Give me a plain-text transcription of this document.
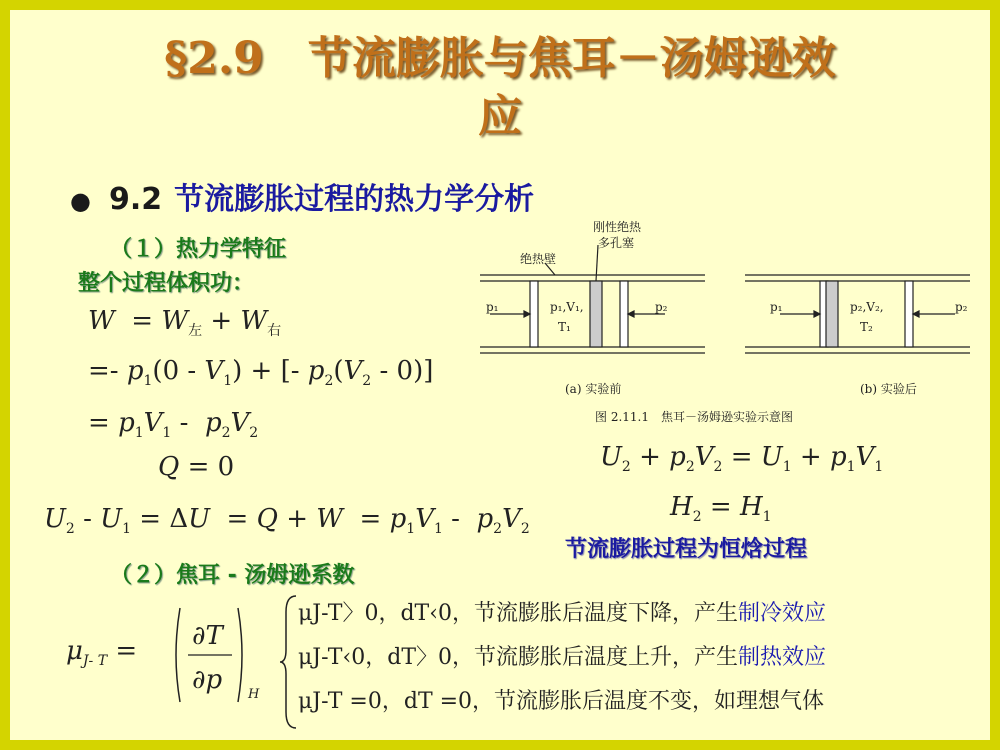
§2.9　节流膨胀与焦耳－汤姆逊效
应
● 9.2 节流膨胀过程的热力学分析
（１）热力学特征
整个过程体积功：
$W = W_左 + W_右$
=- $p_1(0 - V_1)$ + [- $p_2(V_2 - 0)$]
= $p_1V_1 - p_2V_2$
Q = 0
$U_2 - U_1 = \Delta U = Q + W = p_1V_1 - p_2V_2$
刚性绝热
多孔塞
绝热壁
p₁	p₁,V₁,
T₁
p₂	p₁	p₂,V₂,
T₂
p₂
(a) 实验前	(b) 实验后
图 2.11.1　焦耳－汤姆逊实验示意图
$U_2 + p_2V_2 = U_1 + p_1V_1$
$H_2 = H_1$
节流膨胀过程为恒焓过程
（２）焦耳 - 汤姆逊系数
$\mu_{J- T} = \partial T$
∂p H
μJ-T〉0，dT‹0，节流膨胀后温度下降，产生制冷效应
μJ-T‹0，dT〉0，节流膨胀后温度上升，产生制热效应
μJ-T =0，dT =0，节流膨胀后温度不变，如理想气体
